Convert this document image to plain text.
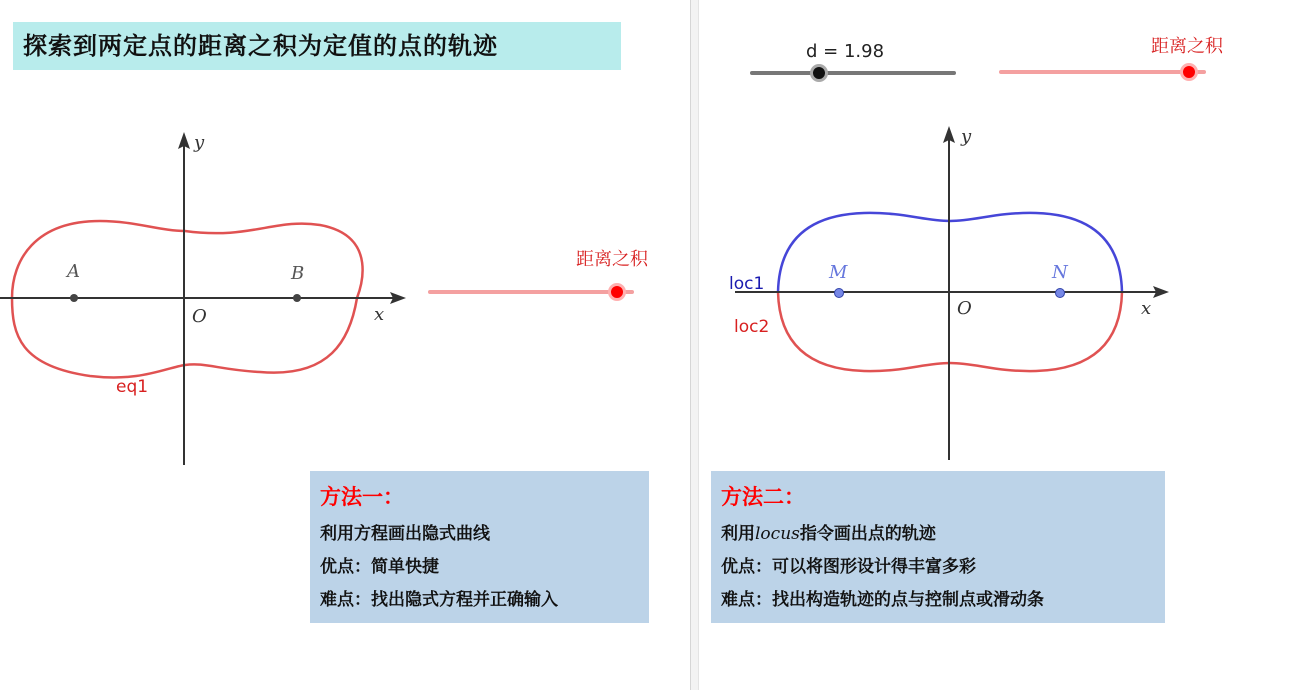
探索到两定点的距离之积为定值的点的轨迹
x
y
O
A	B
eq1
距离之积
方法一：
利用方程画出隐式曲线
优点：简单快捷
难点：找出隐式方程并正确输入
d = 1.98	距离之积
x
y
O
M	N
loc1
loc2
方法二：
利用locus指令画出点的轨迹
优点：可以将图形设计得丰富多彩
难点：找出构造轨迹的点与控制点或滑动条
